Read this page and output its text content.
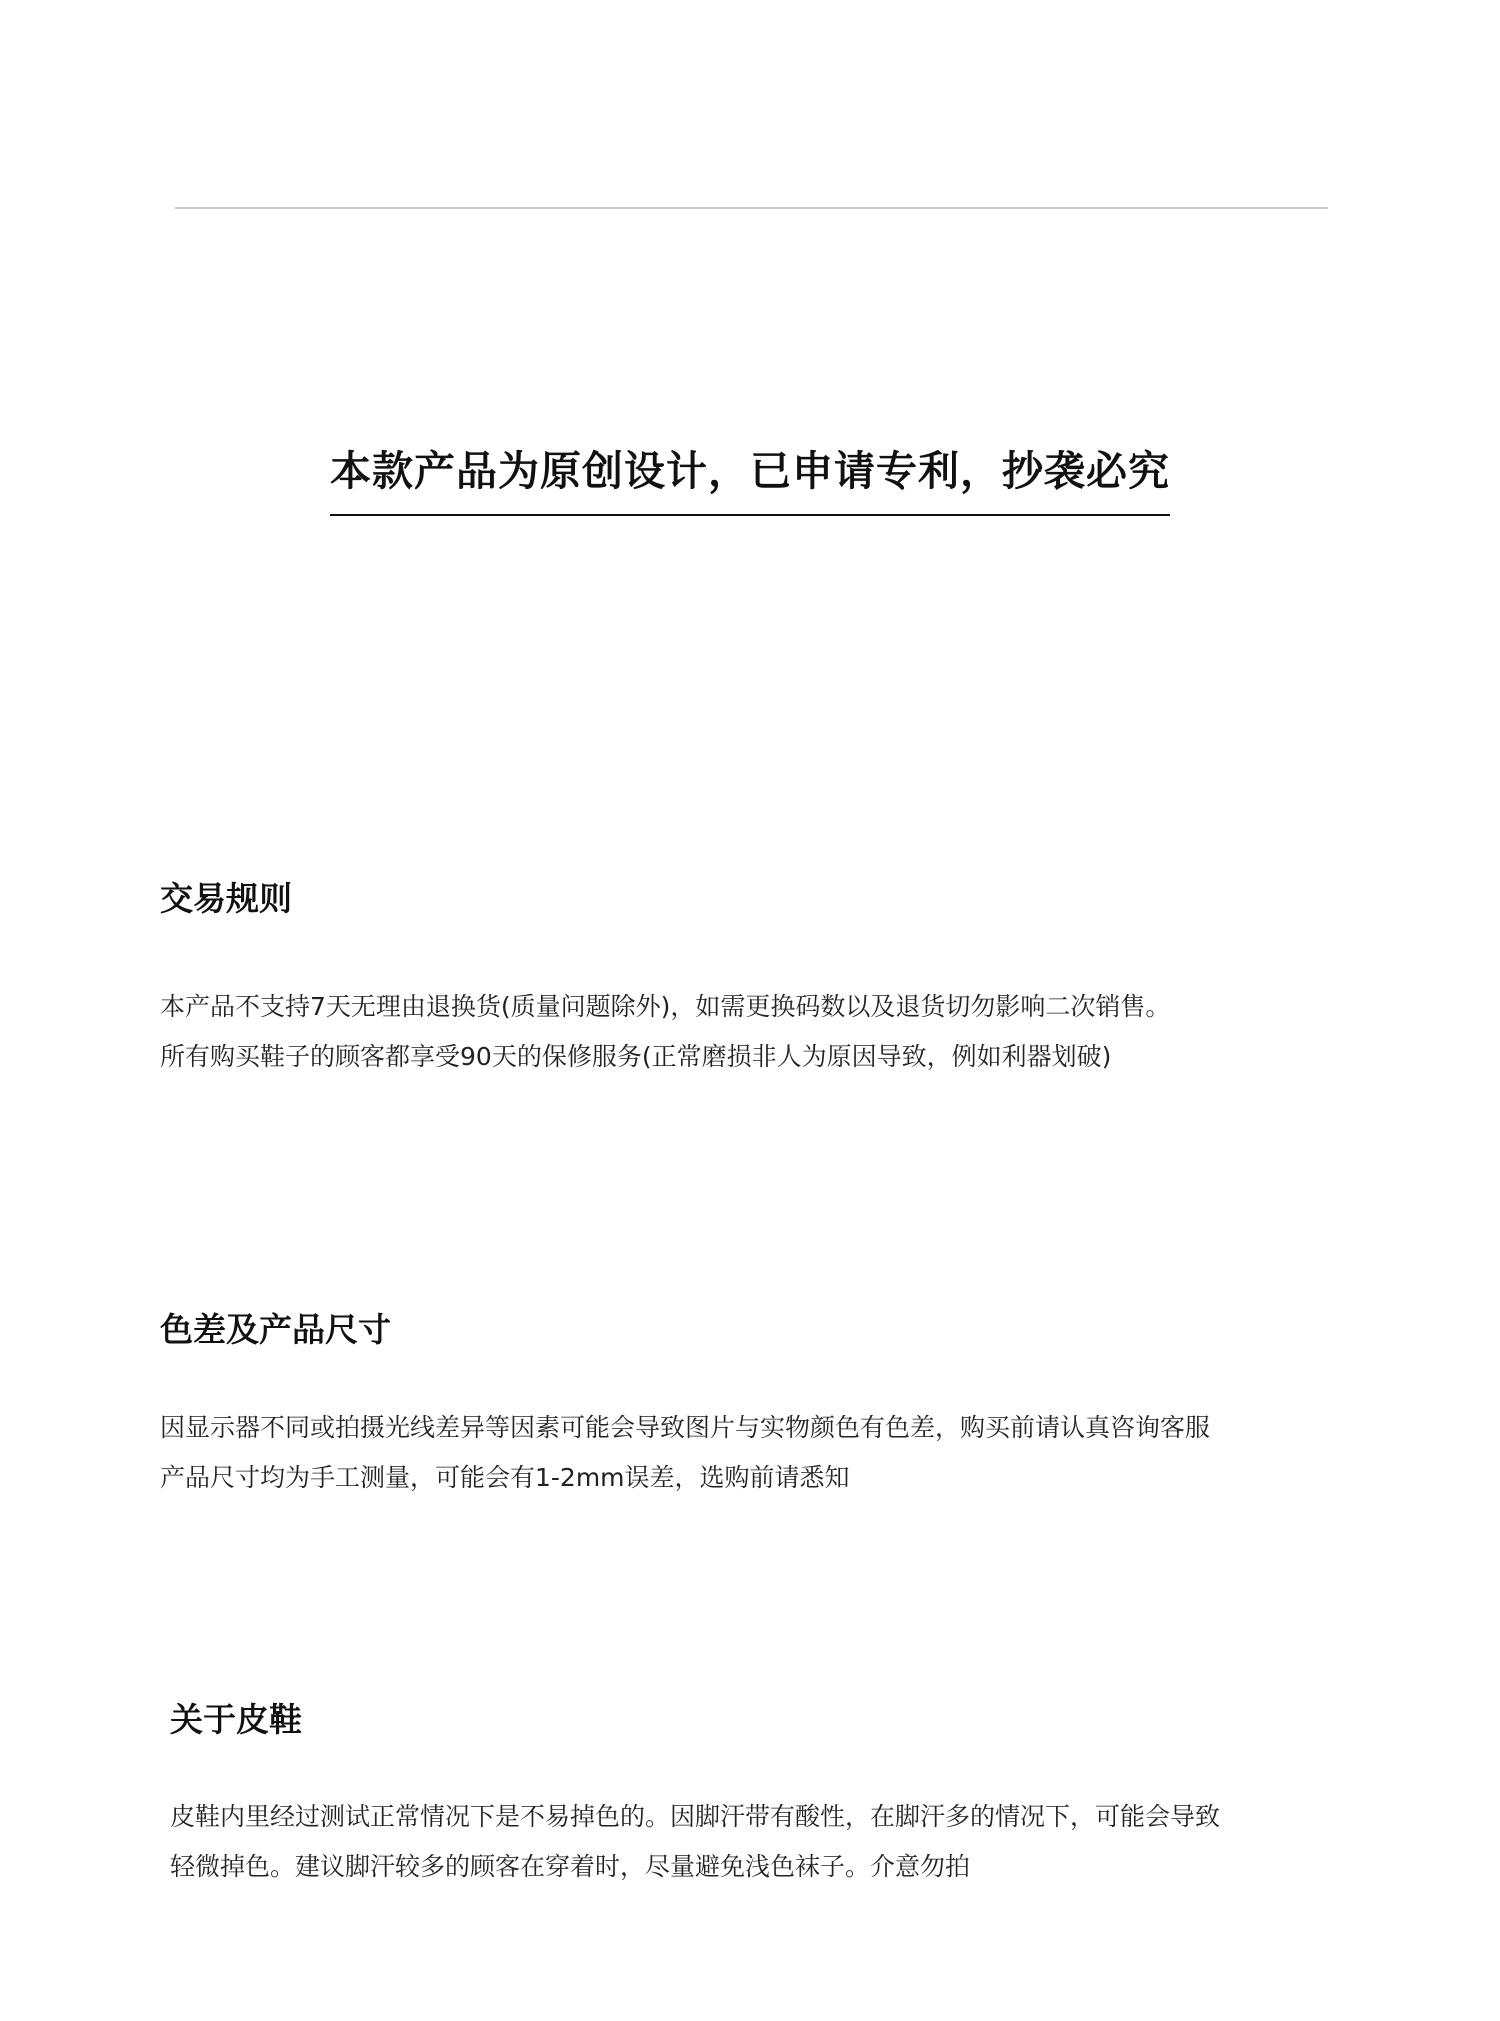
本款产品为原创设计，已申请专利，抄袭必究
交易规则

本产品不支持7天无理由退换货(质量问题除外)，如需更换码数以及退货切勿影响二次销售。

所有购买鞋子的顾客都享受90天的保修服务(正常磨损非人为原因导致，例如利器划破)

色差及产品尺寸

因显示器不同或拍摄光线差异等因素可能会导致图片与实物颜色有色差，购买前请认真咨询客服

产品尺寸均为手工测量，可能会有1-2mm误差，选购前请悉知

关于皮鞋

皮鞋内里经过测试正常情况下是不易掉色的。因脚汗带有酸性，在脚汗多的情况下，可能会导致

轻微掉色。建议脚汗较多的顾客在穿着时，尽量避免浅色袜子。介意勿拍
